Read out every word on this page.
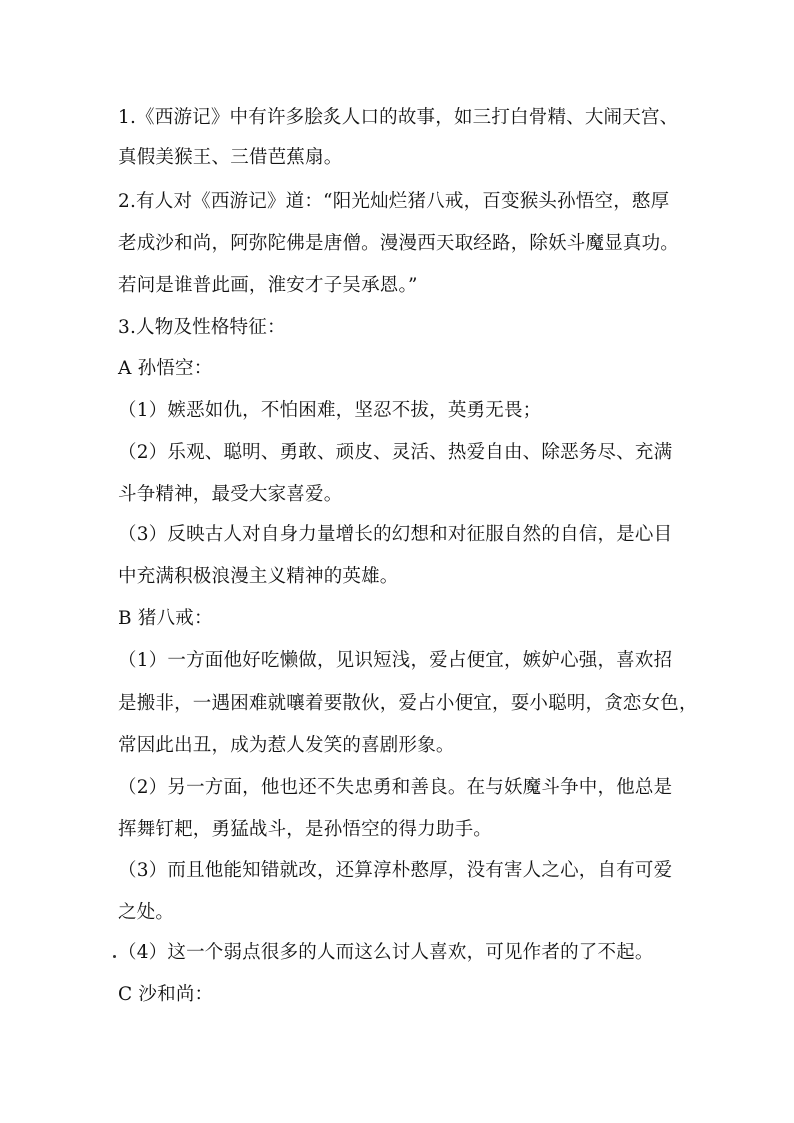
1.《西游记》中有许多脍炙人口的故事，如三打白骨精、大闹天宫、
真假美猴王、三借芭蕉扇。
2.有人对《西游记》道：“阳光灿烂猪八戒，百变猴头孙悟空，憨厚
老成沙和尚，阿弥陀佛是唐僧。漫漫西天取经路，除妖斗魔显真功。
若问是谁普此画，淮安才子吴承恩。”
3.人物及性格特征：
A 孙悟空：
（1）嫉恶如仇，不怕困难，坚忍不拔，英勇无畏；
（2）乐观、聪明、勇敢、顽皮、灵活、热爱自由、除恶务尽、充满
斗争精神，最受大家喜爱。
（3）反映古人对自身力量增长的幻想和对征服自然的自信，是心目
中充满积极浪漫主义精神的英雄。
B 猪八戒：
（1）一方面他好吃懒做，见识短浅，爱占便宜，嫉妒心强，喜欢招
是搬非，一遇困难就嚷着要散伙，爱占小便宜，耍小聪明，贪恋女色，
常因此出丑，成为惹人发笑的喜剧形象。
（2）另一方面，他也还不失忠勇和善良。在与妖魔斗争中，他总是
挥舞钉耙，勇猛战斗，是孙悟空的得力助手。
（3）而且他能知错就改，还算淳朴憨厚，没有害人之心，自有可爱
之处。
（4）这一个弱点很多的人而这么讨人喜欢，可见作者的了不起。
C 沙和尚：
